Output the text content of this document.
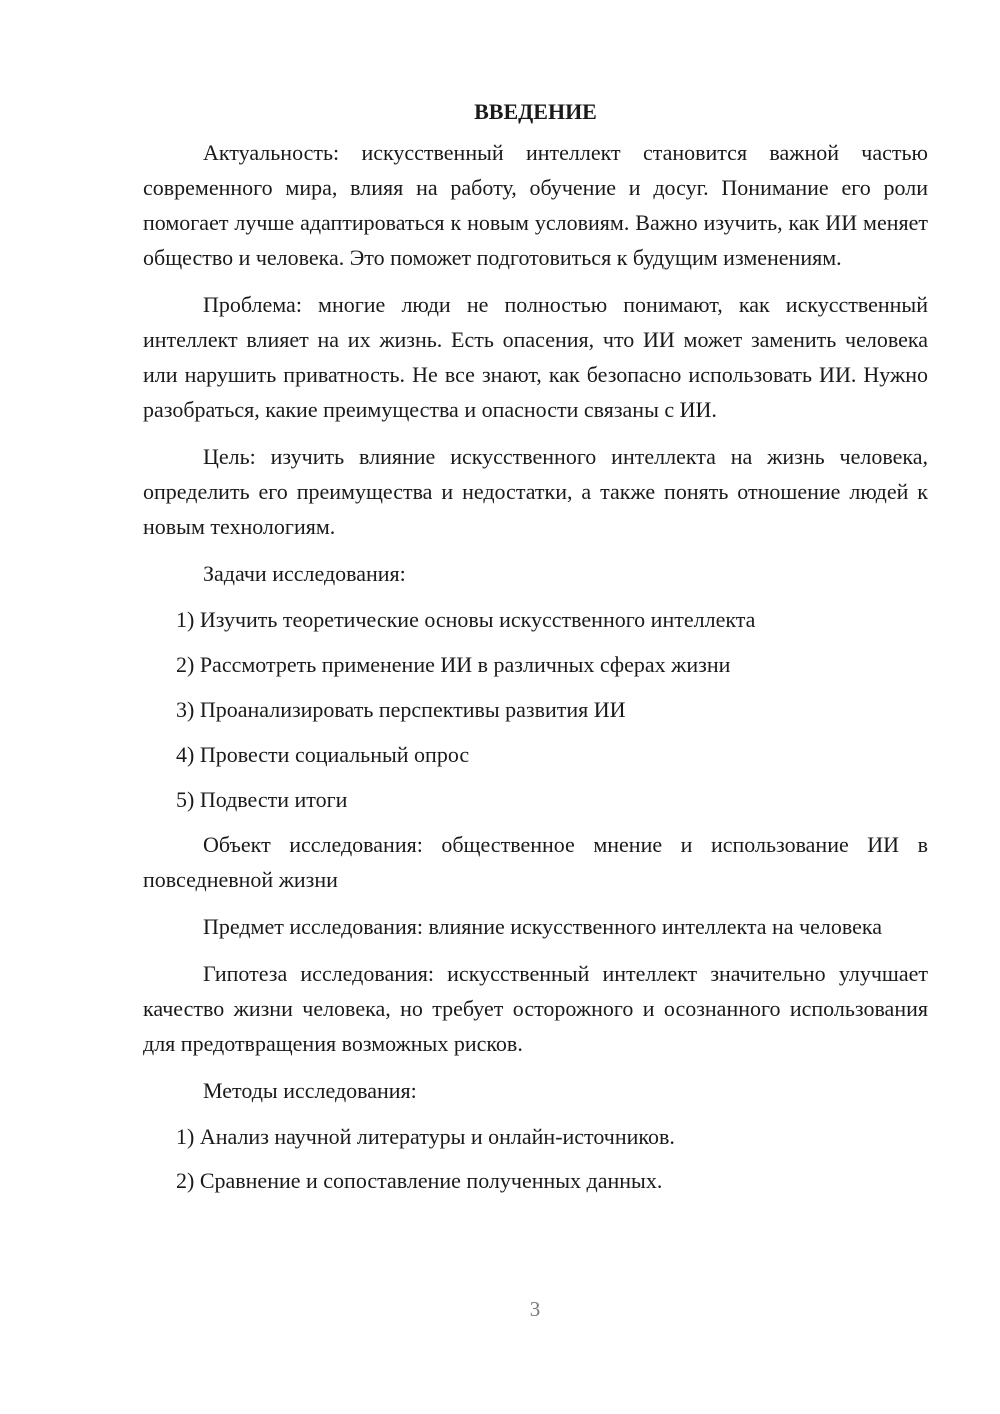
ВВЕДЕНИЕ

Актуальность: искусственный интеллект становится важной частью современного мира, влияя на работу, обучение и досуг. Понимание его роли помогает лучше адаптироваться к новым условиям. Важно изучить, как ИИ меняет общество и человека. Это поможет подготовиться к будущим изменениям.

Проблема: многие люди не полностью понимают, как искусственный интеллект влияет на их жизнь. Есть опасения, что ИИ может заменить человека или нарушить приватность. Не все знают, как безопасно использовать ИИ. Нужно разобраться, какие преимущества и опасности связаны с ИИ.

Цель: изучить влияние искусственного интеллекта на жизнь человека, определить его преимущества и недостатки, а также понять отношение людей к новым технологиям.

Задачи исследования:

1) Изучить теоретические основы искусственного интеллекта
2) Рассмотреть применение ИИ в различных сферах жизни
3) Проанализировать перспективы развития ИИ
4) Провести социальный опрос
5) Подвести итоги

Объект исследования: общественное мнение и использование ИИ в повседневной жизни

Предмет исследования: влияние искусственного интеллекта на человека

Гипотеза исследования: искусственный интеллект значительно улучшает качество жизни человека, но требует осторожного и осознанного использования для предотвращения возможных рисков.

Методы исследования:

1) Анализ научной литературы и онлайн-источников.
2) Сравнение и сопоставление полученных данных.
3
